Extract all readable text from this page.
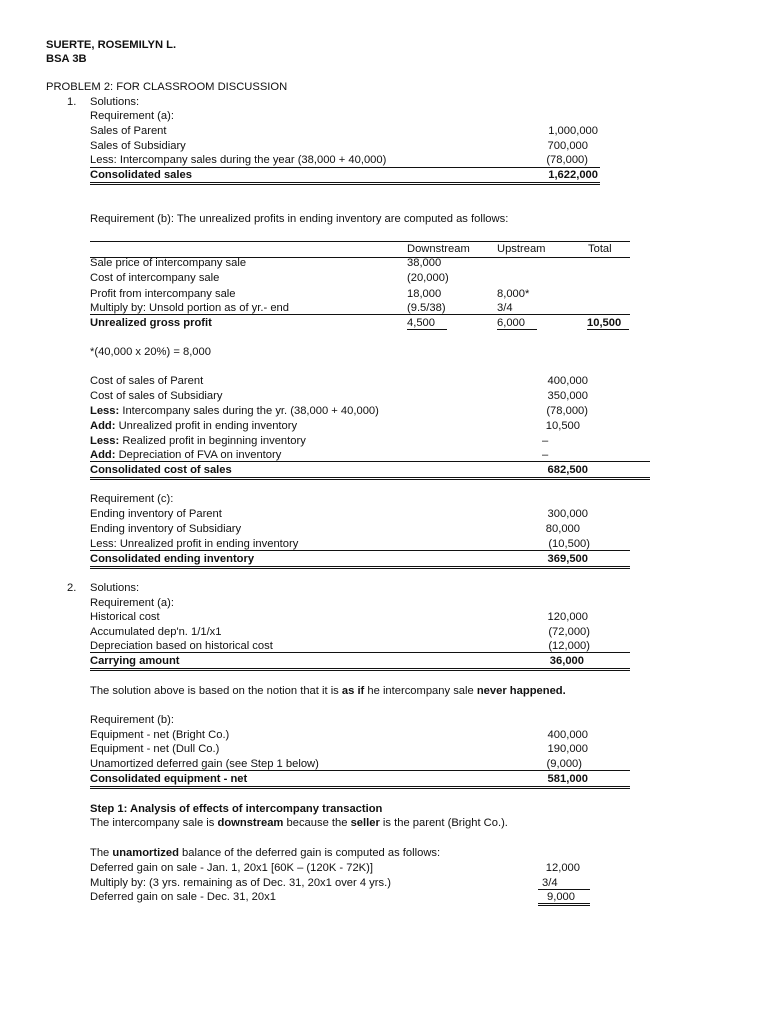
SUERTE, ROSEMILYN L.
BSA 3B
PROBLEM 2: FOR CLASSROOM DISCUSSION
1. Solutions:
Requirement (a):
Sales of Parent	1,000,000
Sales of Subsidiary	700,000
Less: Intercompany sales during the year (38,000 + 40,000)	(78,000)
Consolidated sales	1,622,000
Requirement (b): The unrealized profits in ending inventory are computed as follows:
Downstream Upstream	Total
Sale price of intercompany sale	38,000
Cost of intercompany sale	(20,000)
Profit from intercompany sale	18,000	8,000*
Multiply by: Unsold portion as of yr.- end	(9.5/38)	3/4
Unrealized gross profit	4,500	6,000	10,500
*(40,000 x 20%) = 8,000
Cost of sales of Parent	400,000
Cost of sales of Subsidiary	350,000
Less: Intercompany sales during the yr. (38,000 + 40,000)	(78,000)
Add: Unrealized profit in ending inventory	10,500
Less: Realized profit in beginning inventory	–
Add: Depreciation of FVA on inventory	–
Consolidated cost of sales	682,500
Requirement (c):
Ending inventory of Parent	300,000
Ending inventory of Subsidiary	80,000
Less: Unrealized profit in ending inventory	(10,500)
Consolidated ending inventory	369,500
2. Solutions:
Requirement (a):
Historical cost	120,000
Accumulated dep'n. 1/1/x1	(72,000)
Depreciation based on historical cost	(12,000)
Carrying amount	36,000
The solution above is based on the notion that it is as if he intercompany sale never happened.
Requirement (b):
Equipment - net (Bright Co.)	400,000
Equipment - net (Dull Co.)	190,000
Unamortized deferred gain (see Step 1 below)	(9,000)
Consolidated equipment - net	581,000
Step 1: Analysis of effects of intercompany transaction
The intercompany sale is downstream because the seller is the parent (Bright Co.).
The unamortized balance of the deferred gain is computed as follows:
Deferred gain on sale - Jan. 1, 20x1 [60K – (120K - 72K)]	12,000
Multiply by: (3 yrs. remaining as of Dec. 31, 20x1 over 4 yrs.)	3/4
Deferred gain on sale - Dec. 31, 20x1	9,000
